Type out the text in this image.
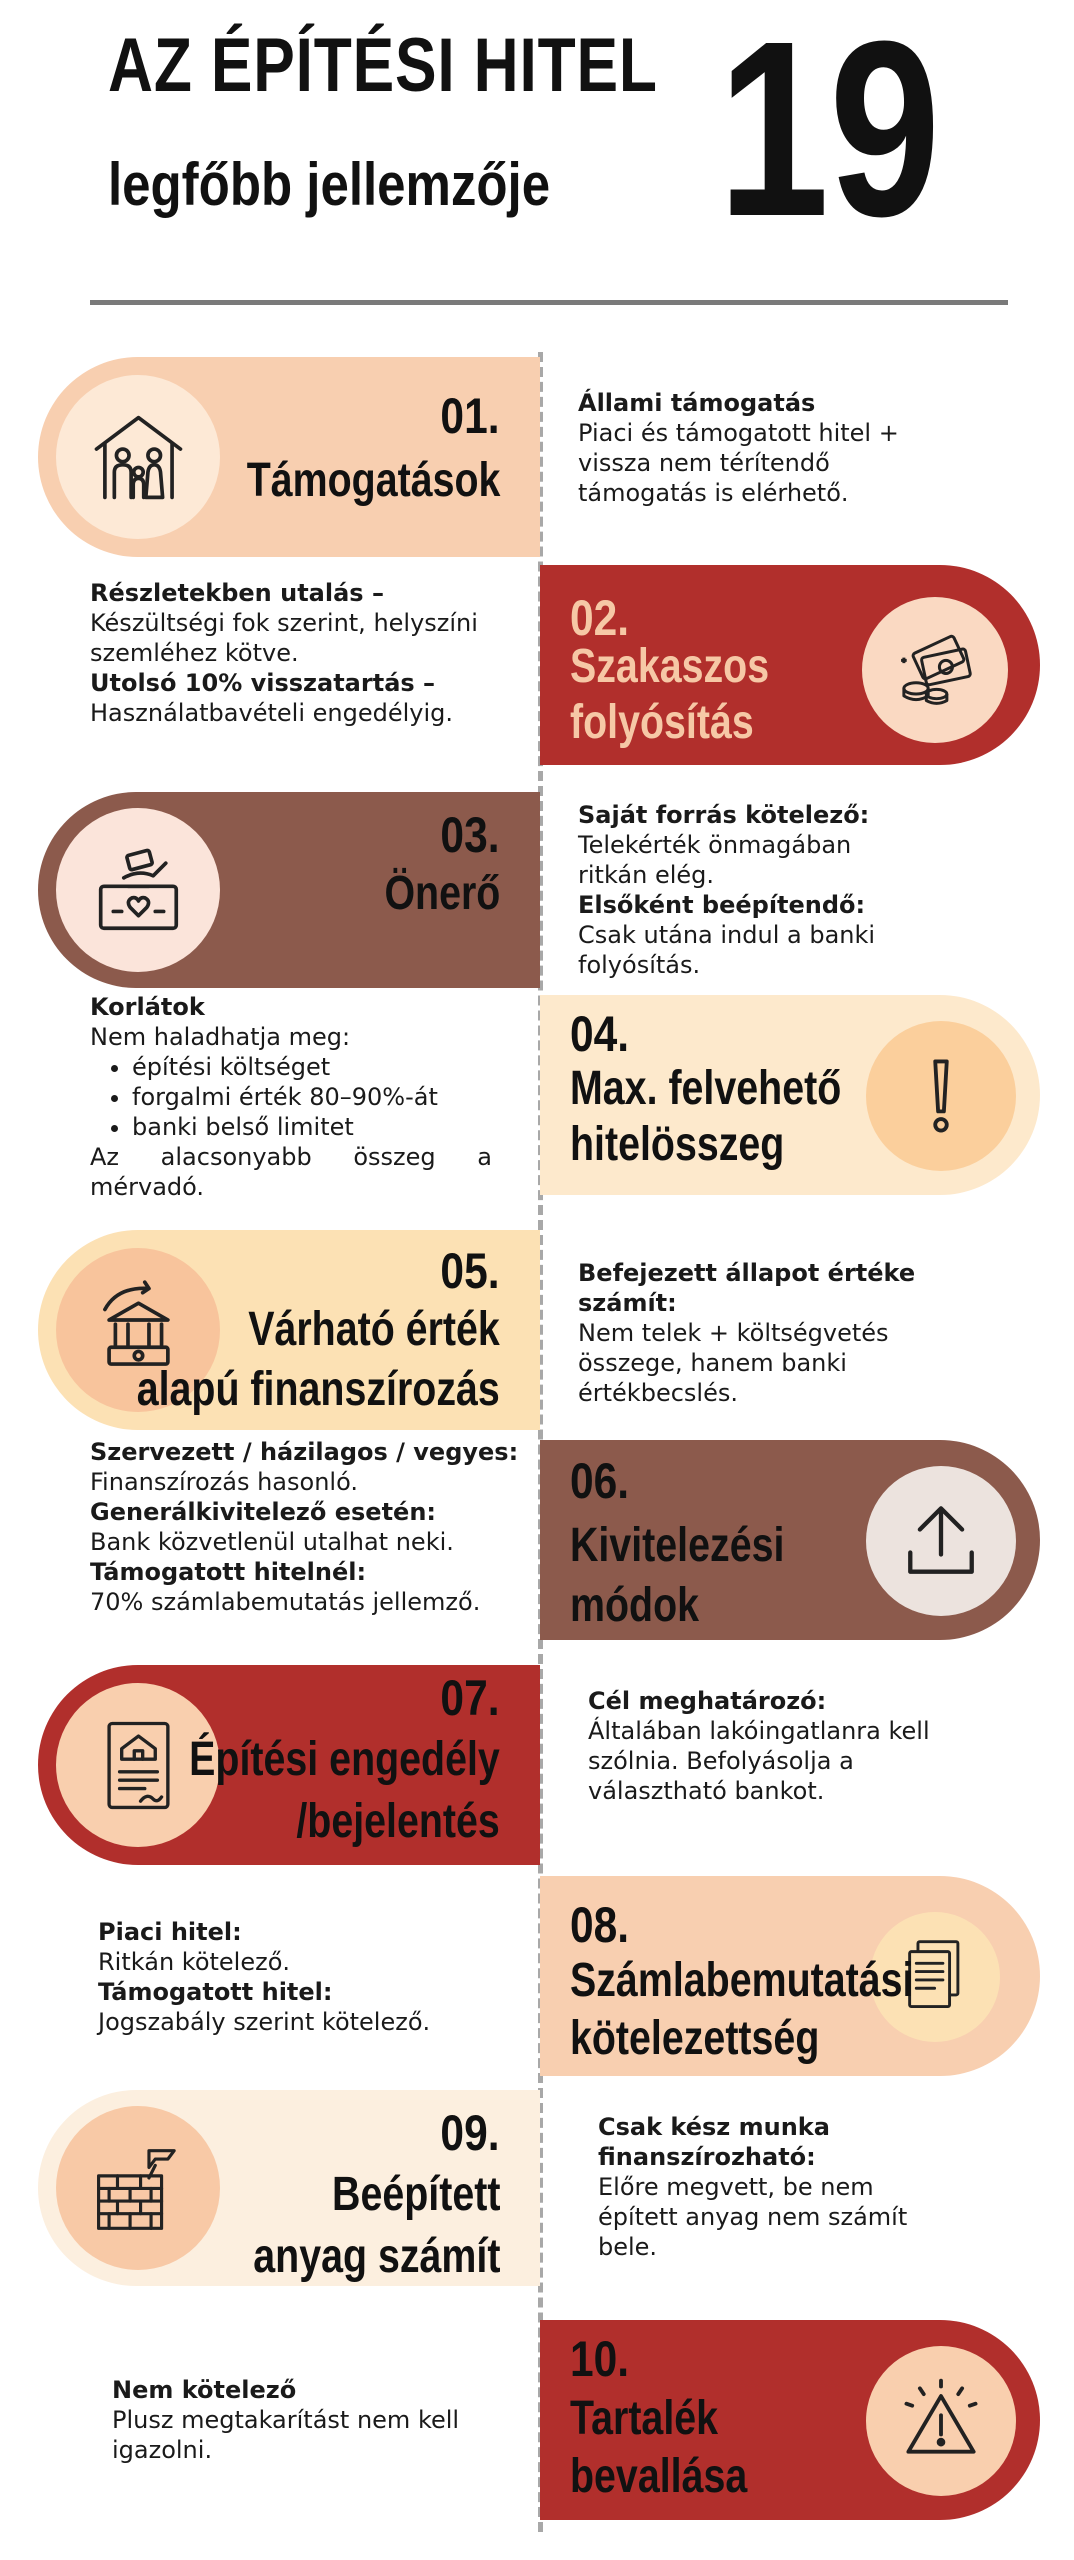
AZ ÉPÍTÉSI HITEL
legfőbb jellemzője 19
01.
Támogatások
Állami támogatás
Piaci és támogatott hitel + vissza nem térítendő támogatás is elérhető.
02.
Szakaszos
folyósítás
Részletekben utalás –
Készültségi fok szerint, helyszíni szemléhez kötve.
Utolsó 10% visszatartás –
Használatbavételi engedélyig.
03.
Önerő
Saját forrás kötelező:
Telekérték önmagában ritkán elég.
Elsőként beépítendő:
Csak utána indul a banki folyósítás.
04.
Max. felvehető
hitelösszeg
Korlátok
Nem haladhatja meg:
• építési költséget
• forgalmi érték 80–90%-át
• banki belső limitet
Az alacsonyabb összeg a mérvadó.
05.
Várható érték
alapú finanszírozás
Befejezett állapot értéke számít:
Nem telek + költségvetés összege, hanem banki értékbecslés.
06.
Kivitelezési
módok
Szervezett / házilagos / vegyes:
Finanszírozás hasonló.
Generálkivitelező esetén:
Bank közvetlenül utalhat neki.
Támogatott hitelnél:
70% számlabemutatás jellemző.
07.
Építési engedély
/bejelentés
Cél meghatározó:
Általában lakóingatlanra kell szólnia. Befolyásolja a választható bankot.
08.
Számlabemutatási
kötelezettség
Piaci hitel:
Ritkán kötelező.
Támogatott hitel:
Jogszabály szerint kötelező.
09.
Beépített
anyag számít
Csak kész munka finanszírozható:
Előre megvett, be nem épített anyag nem számít bele.
10.
Tartalék
bevallása
Nem kötelező
Plusz megtakarítást nem kell igazolni.
